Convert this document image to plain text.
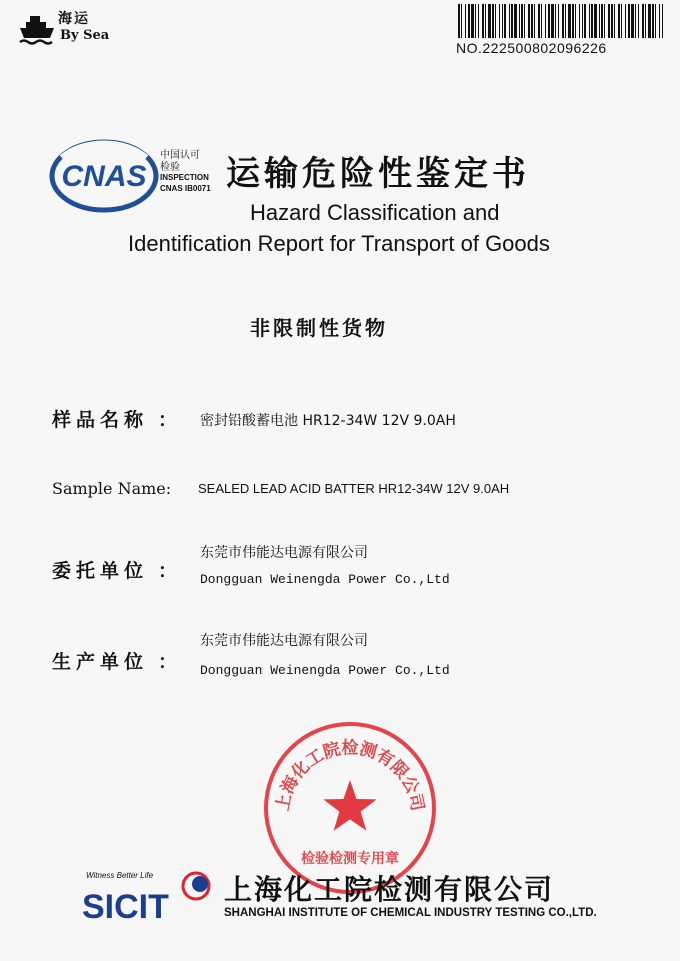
海运
By Sea
NO.222500802096226
CNAS
中国认可
检验
INSPECTION
CNAS IB0071 运输危险性鉴定书
Hazard Classification and
Identification Report for Transport of Goods
非限制性货物
样品名称 ： 密封铅酸蓄电池 HR12-34W 12V 9.0AH
Sample Name: SEALED LEAD ACID BATTER HR12-34W 12V 9.0AH
委托单位 ：
东莞市伟能达电源有限公司
Dongguan Weinengda Power Co.,Ltd
生产单位 ：
东莞市伟能达电源有限公司
Dongguan Weinengda Power Co.,Ltd
上海化工院检测有限公司
检验检测专用章
Witness Better Life
SICIT 上海化工院检测有限公司
SHANGHAI INSTITUTE OF CHEMICAL INDUSTRY TESTING CO.,LTD.
